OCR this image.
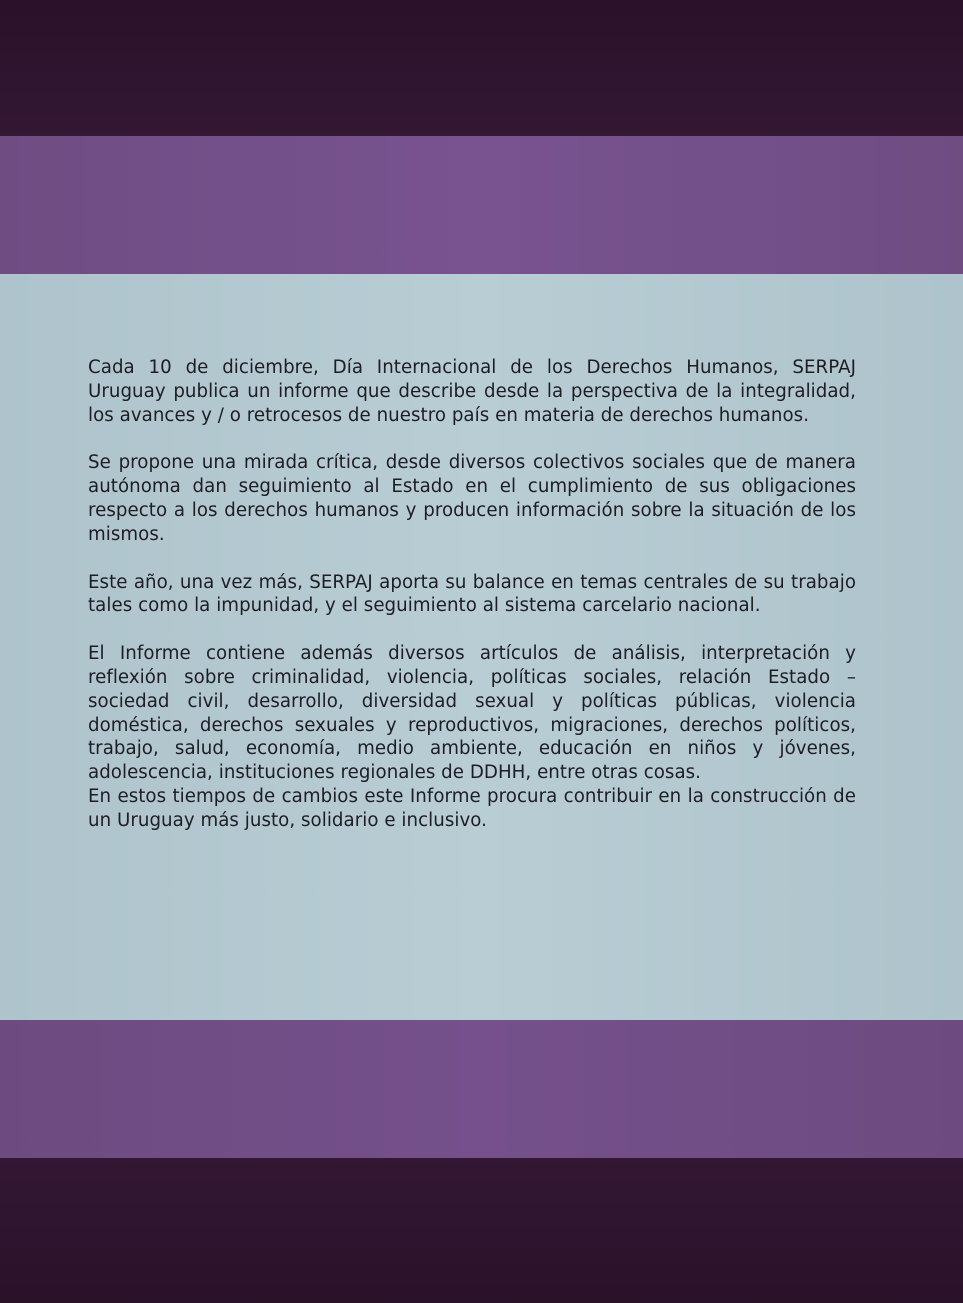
Cada 10 de diciembre, Día Internacional de los Derechos Humanos, SERPAJ Uruguay publica un informe que describe desde la perspectiva de la integralidad, los avances y / o retrocesos de nuestro país en materia de derechos humanos.

Se propone una mirada crítica, desde diversos colectivos sociales que de manera autónoma dan seguimiento al Estado en el cumplimiento de sus obligaciones respecto a los derechos humanos y producen información sobre la situación de los mismos.

Este año, una vez más, SERPAJ aporta su balance en temas centrales de su trabajo tales como la impunidad, y el seguimiento al sistema carcelario nacional.

El Informe contiene además diversos artículos de análisis, interpretación y reflexión sobre criminalidad, violencia, políticas sociales, relación Estado – sociedad civil, desarrollo, diversidad sexual y políticas públicas, violencia doméstica, derechos sexuales y reproductivos, migraciones, derechos políticos, trabajo, salud, economía, medio ambiente, educación en niños y jóvenes, adolescencia, instituciones regionales de DDHH, entre otras cosas.

En estos tiempos de cambios este Informe procura contribuir en la construcción de un Uruguay más justo, solidario e inclusivo.
